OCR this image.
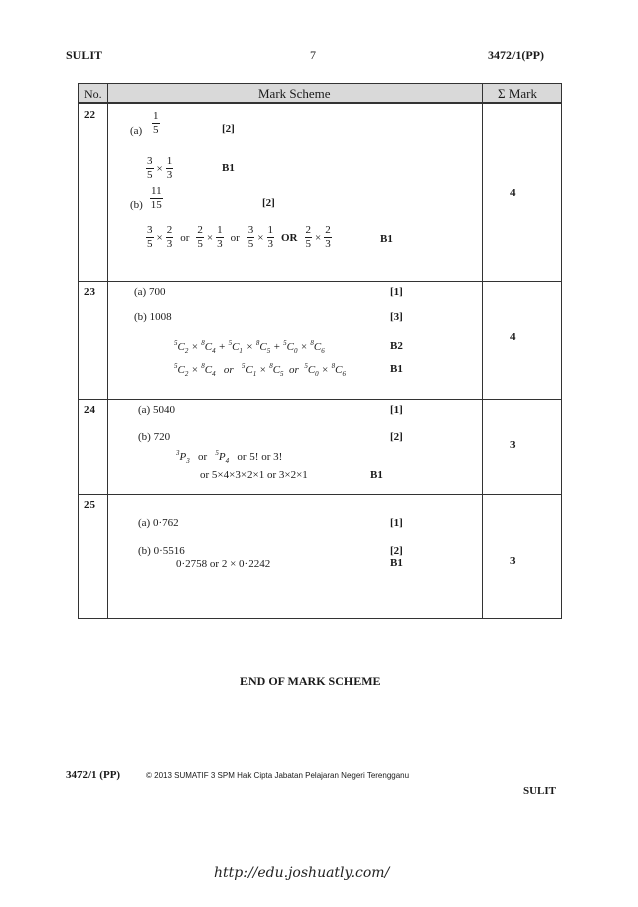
SULIT	7	3472/1(PP)
No.	Mark Scheme	Σ Mark
22
$(a) \frac{1}{5}$	[2]
$\frac{3}{5} \times \frac{1}{3}$	B1
$(b) \frac{11}{15}$	[2]
$\frac{3}{5} \times \frac{2}{3}$ or $\frac{2}{5} \times \frac{1}{3}$ or $\frac{3}{5} \times \frac{1}{3}$ OR $\frac{2}{5} \times \frac{2}{3}$	B1
4
23	(a) 700	[1]
(b) 1008	[3]
$^5C_2 \times ^8C_4 + ^5C_1 \times ^8C_5 + ^5C_0 \times ^8C_6$	B2
$^5C_2 \times ^8C_4$ or $^5C_1 \times ^8C_5$ or $^5C_0 \times ^8C_6$	B1
4
24	(a) 5040	[1]
(b) 720	[2]
$^3P_3$ or $^5P_4$ or 5! or 3!
or 5×4×3×2×1 or 3×2×1	B1
3
25
(a) 0·762	[1]
(b) 0·5516	[2]
0·2758 or 2 × 0·2242	B1	3
END OF MARK SCHEME
3472/1 (PP)	© 2013 SUMATIF 3 SPM Hak Cipta Jabatan Pelajaran Negeri Terengganu
SULIT
http://edu.joshuatly.com/
